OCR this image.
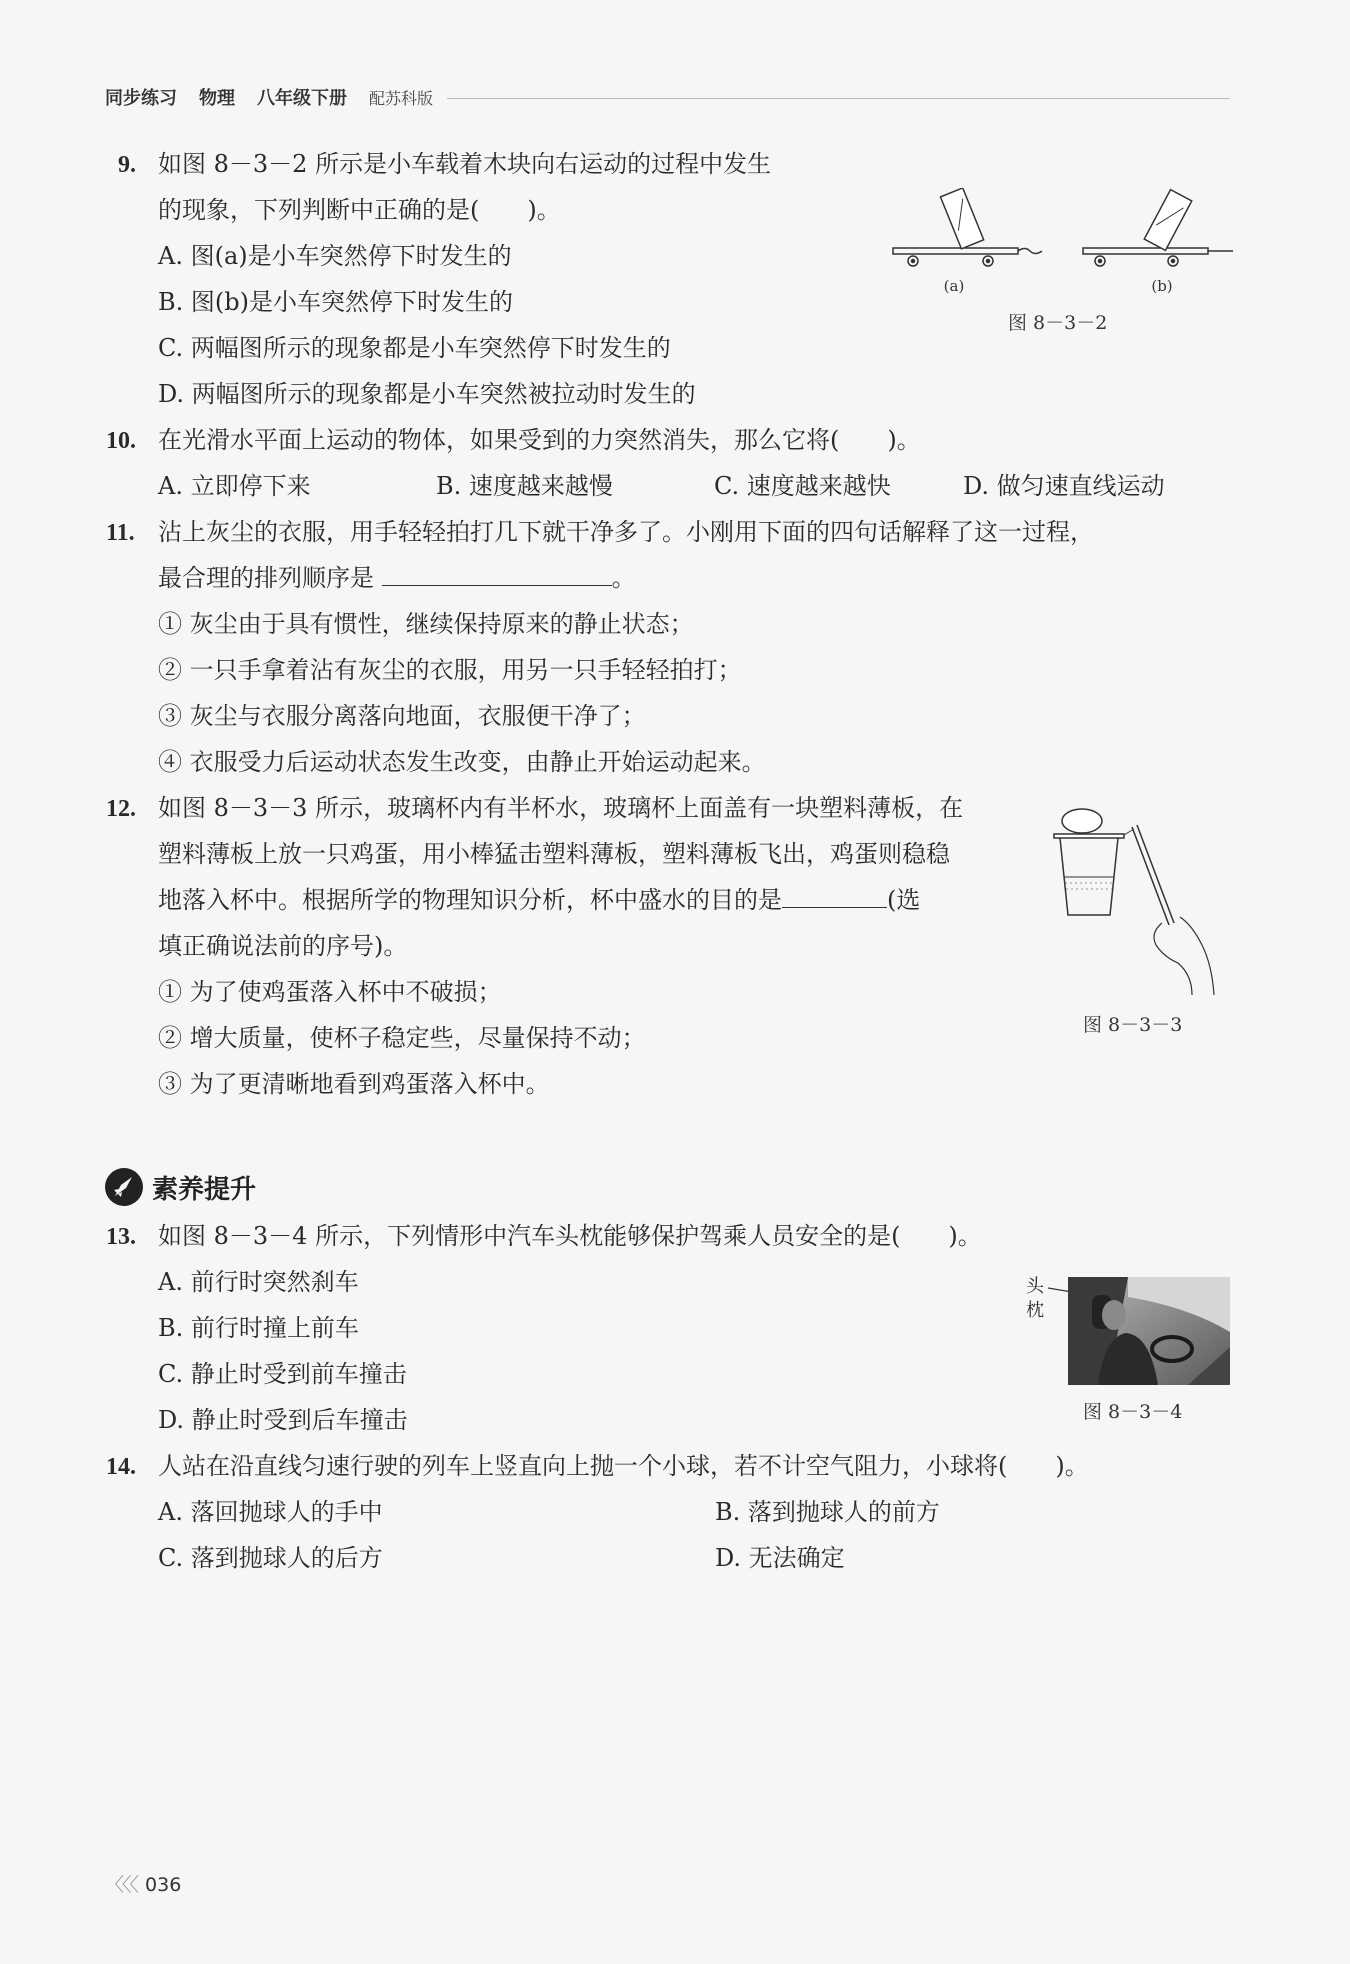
同步练习 物理 八年级下册 配苏科版
9. 如图 8－3－2 所示是小车载着木块向右运动的过程中发生
的现象，下列判断中正确的是(　　)。
A. 图(a)是小车突然停下时发生的
B. 图(b)是小车突然停下时发生的
C. 两幅图所示的现象都是小车突然停下时发生的
D. 两幅图所示的现象都是小车突然被拉动时发生的
(a)	(b)
图 8－3－2
10. 在光滑水平面上运动的物体，如果受到的力突然消失，那么它将(　　)。
A. 立即停下来	B. 速度越来越慢	C. 速度越来越快	D. 做匀速直线运动
11. 沾上灰尘的衣服，用手轻轻拍打几下就干净多了。小刚用下面的四句话解释了这一过程，
最合理的排列顺序是	。
① 灰尘由于具有惯性，继续保持原来的静止状态；
② 一只手拿着沾有灰尘的衣服，用另一只手轻轻拍打；
③ 灰尘与衣服分离落向地面，衣服便干净了；
④ 衣服受力后运动状态发生改变，由静止开始运动起来。
12. 如图 8－3－3 所示，玻璃杯内有半杯水，玻璃杯上面盖有一块塑料薄板，在
塑料薄板上放一只鸡蛋，用小棒猛击塑料薄板，塑料薄板飞出，鸡蛋则稳稳
地落入杯中。根据所学的物理知识分析，杯中盛水的目的是	(选
填正确说法前的序号)。
① 为了使鸡蛋落入杯中不破损；
② 增大质量，使杯子稳定些，尽量保持不动；
③ 为了更清晰地看到鸡蛋落入杯中。
图 8－3－3
素养提升
13. 如图 8－3－4 所示，下列情形中汽车头枕能够保护驾乘人员安全的是(　　)。
A. 前行时突然刹车
B. 前行时撞上前车
C. 静止时受到前车撞击
D. 静止时受到后车撞击
头
枕
图 8－3－4
14. 人站在沿直线匀速行驶的列车上竖直向上抛一个小球，若不计空气阻力，小球将(　　)。
A. 落回抛球人的手中	B. 落到抛球人的前方
C. 落到抛球人的后方	D. 无法确定
〈〈〈 036
